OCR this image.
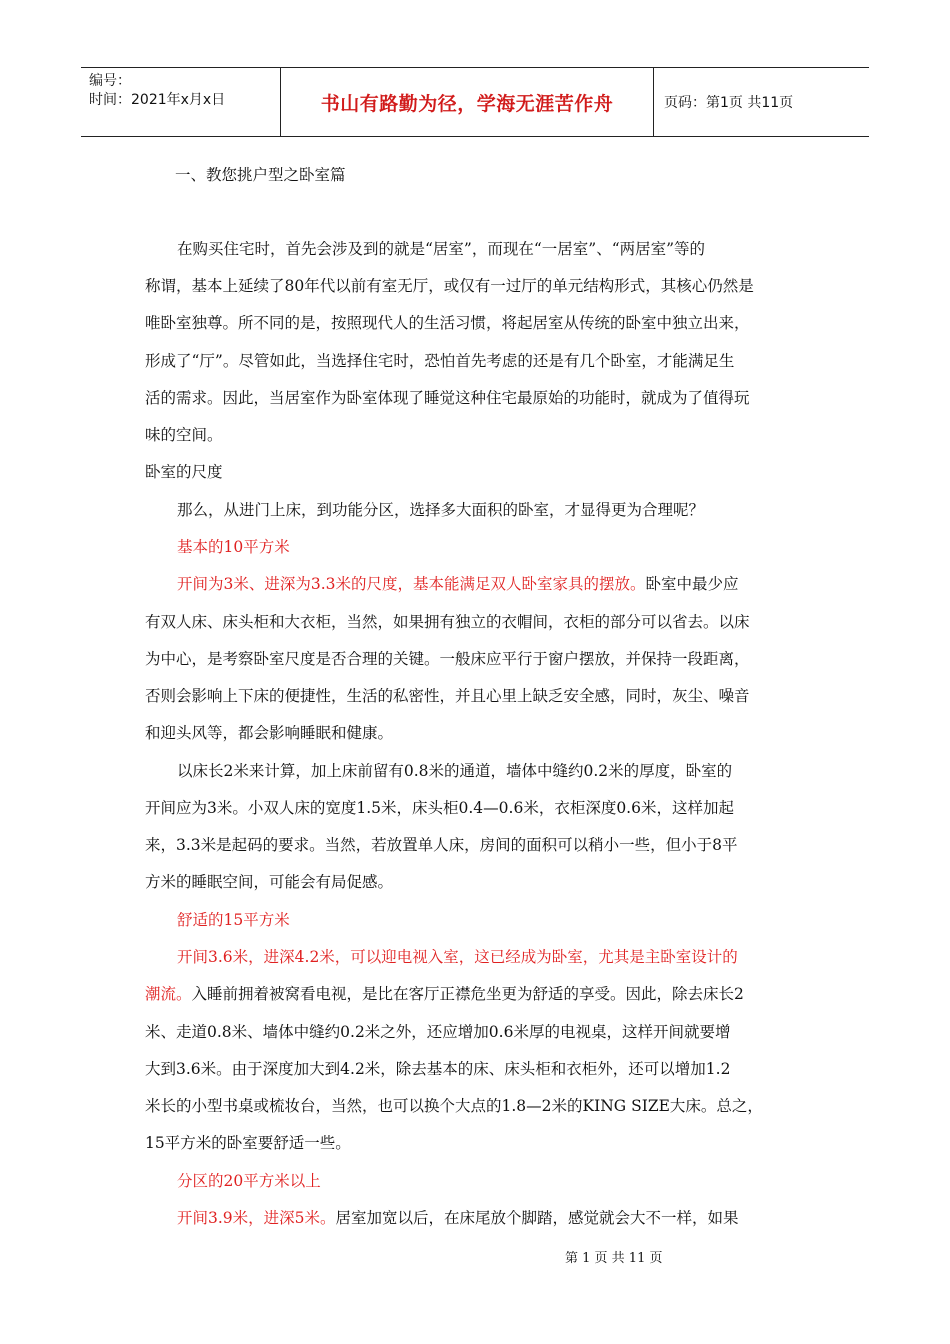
编号：
时间：2021年x月x日	书山有路勤为径，学海无涯苦作舟	页码：第1页 共11页
一、教您挑户型之卧室篇
在购买住宅时，首先会涉及到的就是“居室”，而现在“一居室”、“两居室”等的
称谓，基本上延续了80年代以前有室无厅，或仅有一过厅的单元结构形式，其核心仍然是
唯卧室独尊。所不同的是，按照现代人的生活习惯，将起居室从传统的卧室中独立出来，
形成了“厅”。尽管如此，当选择住宅时，恐怕首先考虑的还是有几个卧室，才能满足生
活的需求。因此，当居室作为卧室体现了睡觉这种住宅最原始的功能时，就成为了值得玩
味的空间。
卧室的尺度
那么，从进门上床，到功能分区，选择多大面积的卧室，才显得更为合理呢？
基本的10平方米
开间为3米、进深为3.3米的尺度，基本能满足双人卧室家具的摆放。卧室中最少应
有双人床、床头柜和大衣柜，当然，如果拥有独立的衣帽间，衣柜的部分可以省去。以床
为中心，是考察卧室尺度是否合理的关键。一般床应平行于窗户摆放，并保持一段距离，
否则会影响上下床的便捷性，生活的私密性，并且心里上缺乏安全感，同时，灰尘、噪音
和迎头风等，都会影响睡眠和健康。
以床长2米来计算，加上床前留有0.8米的通道，墙体中缝约0.2米的厚度，卧室的
开间应为3米。小双人床的宽度1.5米，床头柜0.4—0.6米，衣柜深度0.6米，这样加起
来，3.3米是起码的要求。当然，若放置单人床，房间的面积可以稍小一些，但小于8平
方米的睡眠空间，可能会有局促感。
舒适的15平方米
开间3.6米，进深4.2米，可以迎电视入室，这已经成为卧室，尤其是主卧室设计的
潮流。入睡前拥着被窝看电视，是比在客厅正襟危坐更为舒适的享受。因此，除去床长2
米、走道0.8米、墙体中缝约0.2米之外，还应增加0.6米厚的电视桌，这样开间就要增
大到3.6米。由于深度加大到4.2米，除去基本的床、床头柜和衣柜外，还可以增加1.2
米长的小型书桌或梳妆台，当然，也可以换个大点的1.8—2米的KING SIZE大床。总之，
15平方米的卧室要舒适一些。
分区的20平方米以上
开间3.9米，进深5米。居室加宽以后，在床尾放个脚踏，感觉就会大不一样，如果
第 1 页 共 11 页
